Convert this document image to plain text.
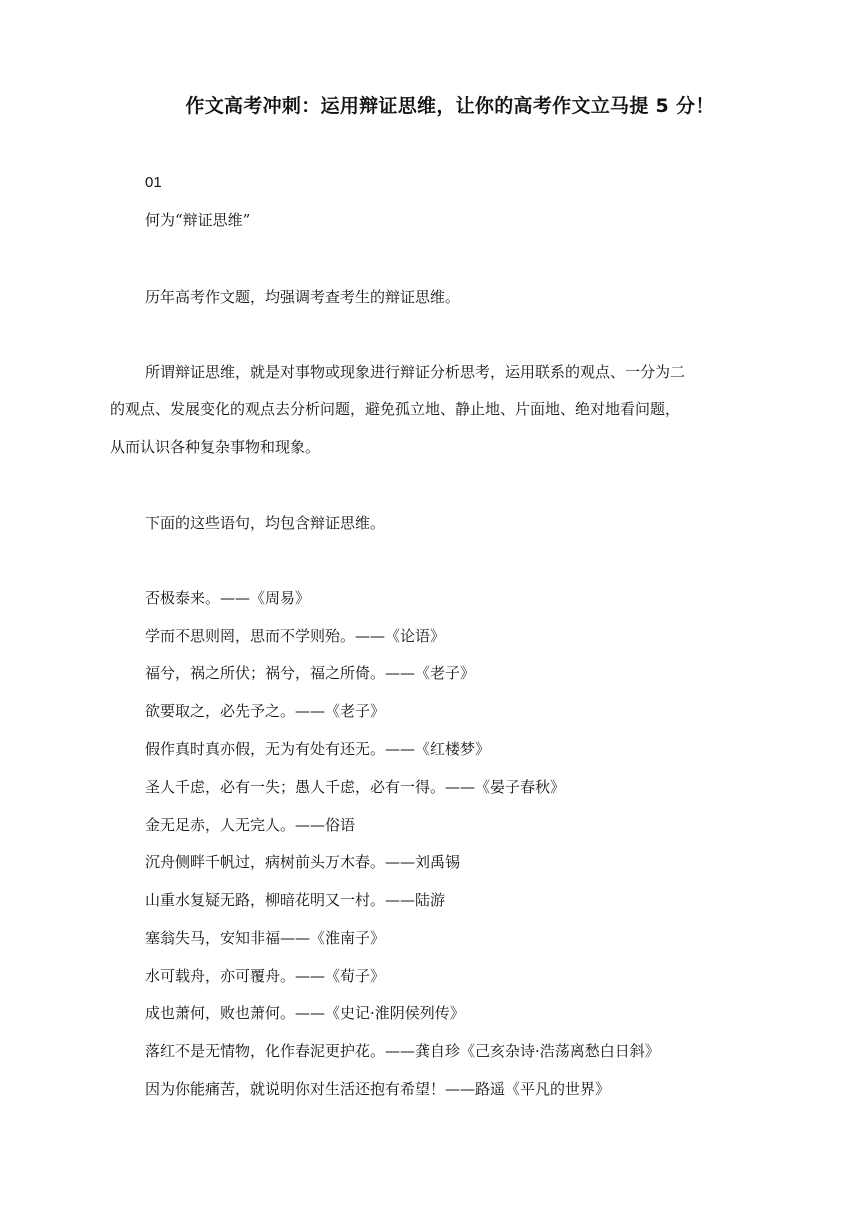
作文高考冲刺：运用辩证思维，让你的高考作文立马提 5 分！
01
何为“辩证思维”
历年高考作文题，均强调考查考生的辩证思维。
所谓辩证思维，就是对事物或现象进行辩证分析思考，运用联系的观点、一分为二
的观点、发展变化的观点去分析问题，避免孤立地、静止地、片面地、绝对地看问题，
从而认识各种复杂事物和现象。
下面的这些语句，均包含辩证思维。
否极泰来。——《周易》
学而不思则罔，思而不学则殆。——《论语》
福兮，祸之所伏；祸兮，福之所倚。——《老子》
欲要取之，必先予之。——《老子》
假作真时真亦假，无为有处有还无。——《红楼梦》
圣人千虑，必有一失；愚人千虑，必有一得。——《晏子春秋》
金无足赤，人无完人。——俗语
沉舟侧畔千帆过，病树前头万木春。——刘禹锡
山重水复疑无路，柳暗花明又一村。——陆游
塞翁失马，安知非福——《淮南子》
水可载舟，亦可覆舟。——《荀子》
成也萧何，败也萧何。——《史记·淮阴侯列传》
落红不是无情物，化作春泥更护花。——龚自珍《己亥杂诗·浩荡离愁白日斜》
因为你能痛苦，就说明你对生活还抱有希望！——路遥《平凡的世界》
